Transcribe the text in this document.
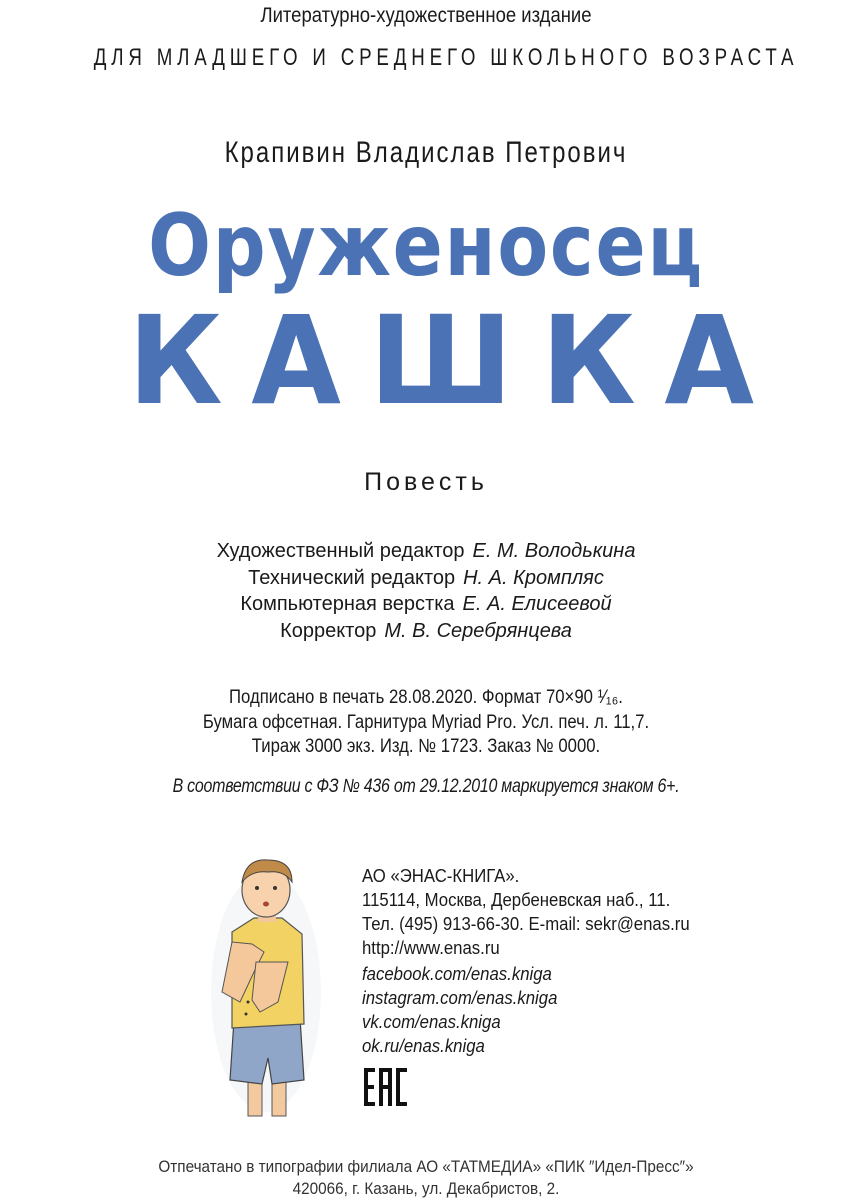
Литературно-художественное издание
ДЛЯ МЛАДШЕГО И СРЕДНЕГО ШКОЛЬНОГО ВОЗРАСТА
Крапивин Владислав Петрович
Оруженосец
КАШКА
Повесть
Художественный редактор Е. М. Володькина
Технический редактор Н. А. Кромпляс
Компьютерная верстка Е. А. Елисеевой
Корректор М. В. Серебрянцева
Подписано в печать 28.08.2020. Формат 70×90 ¹⁄₁₆.
Бумага офсетная. Гарнитура Myriad Pro. Усл. печ. л. 11,7.
Тираж 3000 экз. Изд. № 1723. Заказ № 0000.
В соответствии с ФЗ № 436 от 29.12.2010 маркируется знаком 6+.
АО «ЭНАС-КНИГА».
115114, Москва, Дербеневская наб., 11.
Тел. (495) 913-66-30. E-mail: sekr@enas.ru
http://www.enas.ru
facebook.com/enas.kniga
instagram.com/enas.kniga
vk.com/enas.kniga
ok.ru/enas.kniga
Отпечатано в типографии филиала АО «ТАТМЕДИА» «ПИК ″Идел-Пресс″»
420066, г. Казань, ул. Декабристов, 2.
